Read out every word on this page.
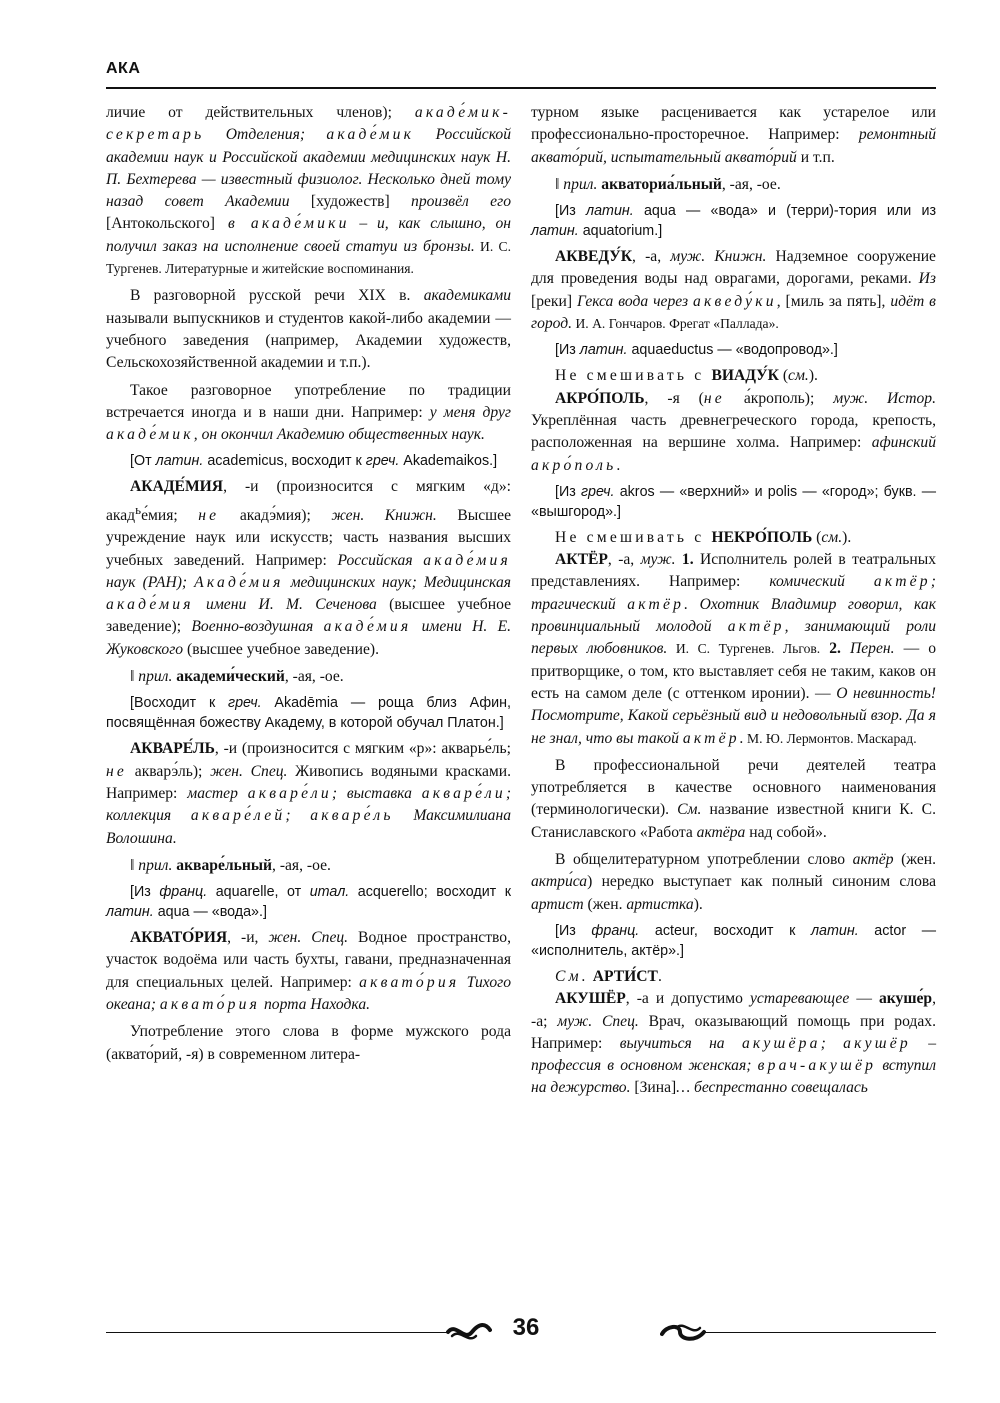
АКА

личие от действительных членов); акаде́мик-секретарь Отделения; акаде́мик Российской академии наук и Российской академии медицинских наук Н. П. Бехтерева — известный физиолог. Несколько дней тому назад совет Академии [художеств] произвёл его [Антокольского] в акаде́мики – и, как слышно, он получил заказ на исполнение своей статуи из бронзы. И. С. Тургенев. Литературные и житейские воспоминания.

В разговорной русской речи XIX в. академиками называли выпускников и студентов какой-либо академии — учебного заведения (например, Академии художеств, Сельскохозяйственной академии и т.п.).

Такое разговорное употребление по традиции встречается иногда и в наши дни. Например: у меня друг акаде́мик, он окончил Академию общественных наук.

[От латин. academicus, восходит к греч. Akademaikos.]

АКАДЕ́МИЯ, -и (произносится с мягким «д»: акад$^ь$е́мия; не акадэ́мия); жен. Книжн. Высшее учреждение наук или искусств; часть названия высших учебных заведений. Например: Российская акаде́мия наук (РАН); Акаде́мия медицинских наук; Медицинская акаде́мия имени И. М. Сеченова (высшее учебное заведение); Военно-воздушная акаде́мия имени Н. Е. Жуковского (высшее учебное заведение).

‖ прил. академи́ческий, -ая, -ое.

[Восходит к греч. Akadēmia — роща близ Афин, посвящённая божеству Академу, в которой обучал Платон.]

АКВАРЕ́ЛЬ, -и (произносится с мягким «р»: акварье́ль; не акварэ́ль); жен. Спец. Живопись водяными красками. Например: мастер акваре́ли; выставка акваре́ли; коллекция акваре́лей; акваре́ль Максимилиана Волошина.

‖ прил. акваре́льный, -ая, -ое.

[Из франц. aquarelle, от итал. acquerello; восходит к латин. aqua — «вода».]

АКВАТО́РИЯ, -и, жен. Спец. Водное пространство, участок водоёма или часть бухты, гавани, предназначенная для специальных целей. Например: аквато́рия Тихого океана; аквато́рия порта Находка.

Употребление этого слова в форме мужского рода (аквато́рий, -я) в современном литера-

турном языке расценивается как устарелое или профессионально-просторечное. Например: ремонтный аквато́рий, испытательный аквато́рий и т.п.

‖ прил. акваториа́льный, -ая, -ое.

[Из латин. aqua — «вода» и (терри)-тория или из латин. aquatorium.]

АКВЕДУ́К, -а, муж. Книжн. Надземное сооружение для проведения воды над оврагами, дорогами, реками. Из [реки] Гекса вода через акведу́ки, [миль за пять], идёт в город. И. А. Гончаров. Фрегат «Паллада».

[Из латин. aquaeductus — «водопровод».]

Не смешивать с ВИАДУ́К (см.).

АКРО́ПОЛЬ, -я (не а́крополь); муж. Истор. Укреплённая часть древнегреческого города, крепость, расположенная на вершине холма. Например: афинский акро́поль.

[Из греч. akros — «верхний» и polis — «город»; букв. — «вышгород».]

Не смешивать с НЕКРО́ПОЛЬ (см.).

АКТЁР, -а, муж. 1. Исполнитель ролей в театральных представлениях. Например: комический актёр; трагический актёр. Охотник Владимир говорил, как провинциальный молодой актёр, занимающий роли первых любовников. И. С. Тургенев. Льгов. 2. Перен. — о притворщике, о том, кто выставляет себя не таким, каков он есть на самом деле (с оттенком иронии). — О невинность! Посмотрите, Какой серьёзный вид и недовольный взор. Да я не знал, что вы такой актёр. М. Ю. Лермонтов. Маскарад.

В профессиональной речи деятелей театра употребляется в качестве основного наименования (терминологически). См. название известной книги К. С. Станиславского «Работа актёра над собой».

В общелитературном употреблении слово актёр (жен. актри́са) нередко выступает как полный синоним слова артист (жен. артистка).

[Из франц. acteur, восходит к латин. actor — «исполнитель, актёр».]

См. АРТИ́СТ.

АКУШЁР, -а и допустимо устаревающее — акуше́р, -а; муж. Спец. Врач, оказывающий помощь при родах. Например: выучиться на акушёра; акушёр – профессия в основном женская; врач-акушёр вступил на дежурство. [Зина]… беспрестанно совещалась

36
